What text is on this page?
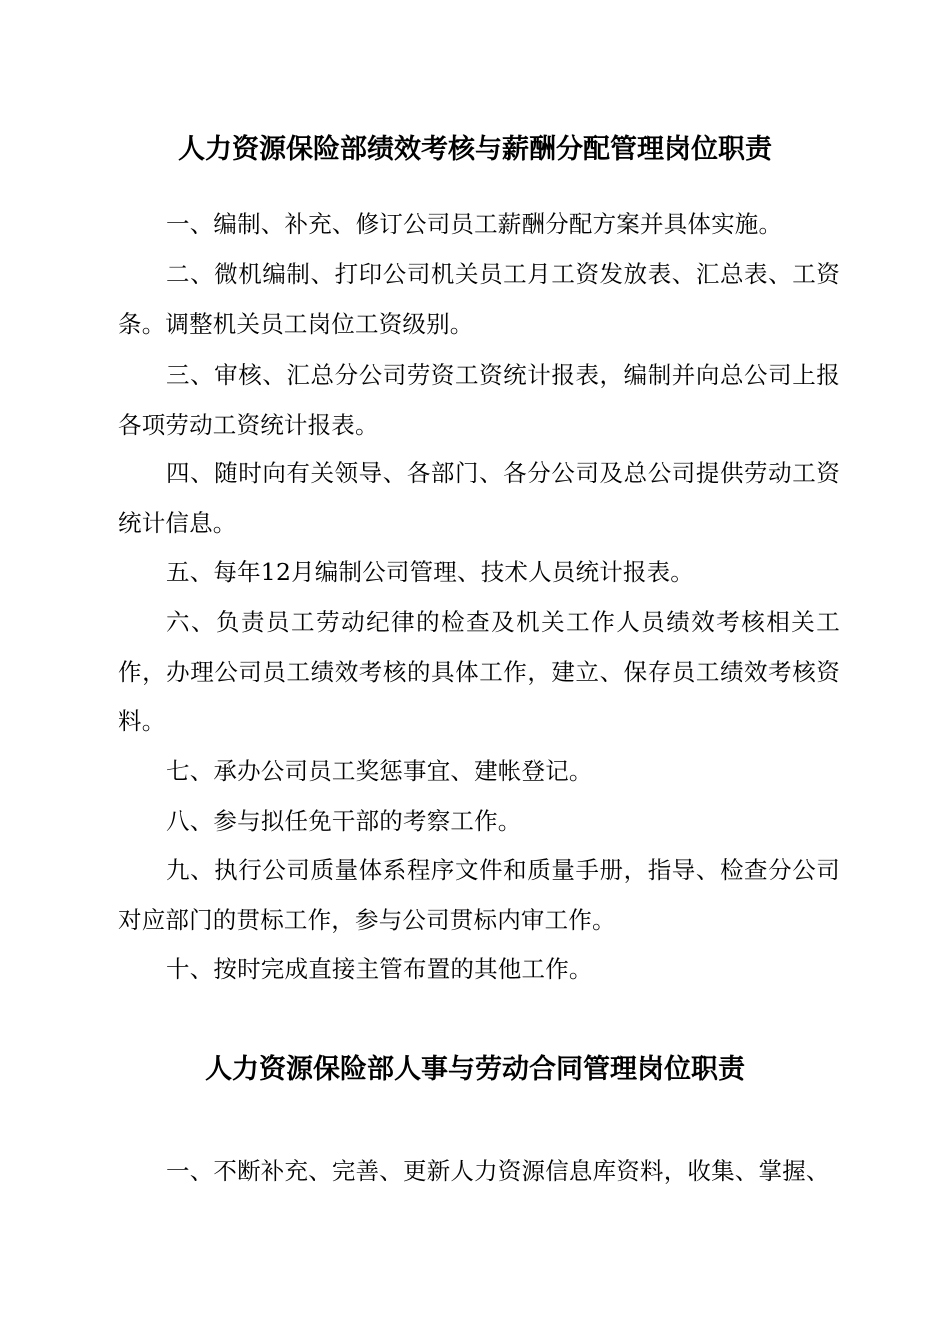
人力资源保险部绩效考核与薪酬分配管理岗位职责
一、编制、补充、修订公司员工薪酬分配方案并具体实施。
二、微机编制、打印公司机关员工月工资发放表、汇总表、工资条。调整机关员工岗位工资级别。
三、审核、汇总分公司劳资工资统计报表，编制并向总公司上报各项劳动工资统计报表。
四、随时向有关领导、各部门、各分公司及总公司提供劳动工资统计信息。
五、每年12月编制公司管理、技术人员统计报表。
六、负责员工劳动纪律的检查及机关工作人员绩效考核相关工作，办理公司员工绩效考核的具体工作，建立、保存员工绩效考核资料。
七、承办公司员工奖惩事宜、建帐登记。
八、参与拟任免干部的考察工作。
九、执行公司质量体系程序文件和质量手册，指导、检查分公司对应部门的贯标工作，参与公司贯标内审工作。
十、按时完成直接主管布置的其他工作。
人力资源保险部人事与劳动合同管理岗位职责
一、不断补充、完善、更新人力资源信息库资料，收集、掌握、
